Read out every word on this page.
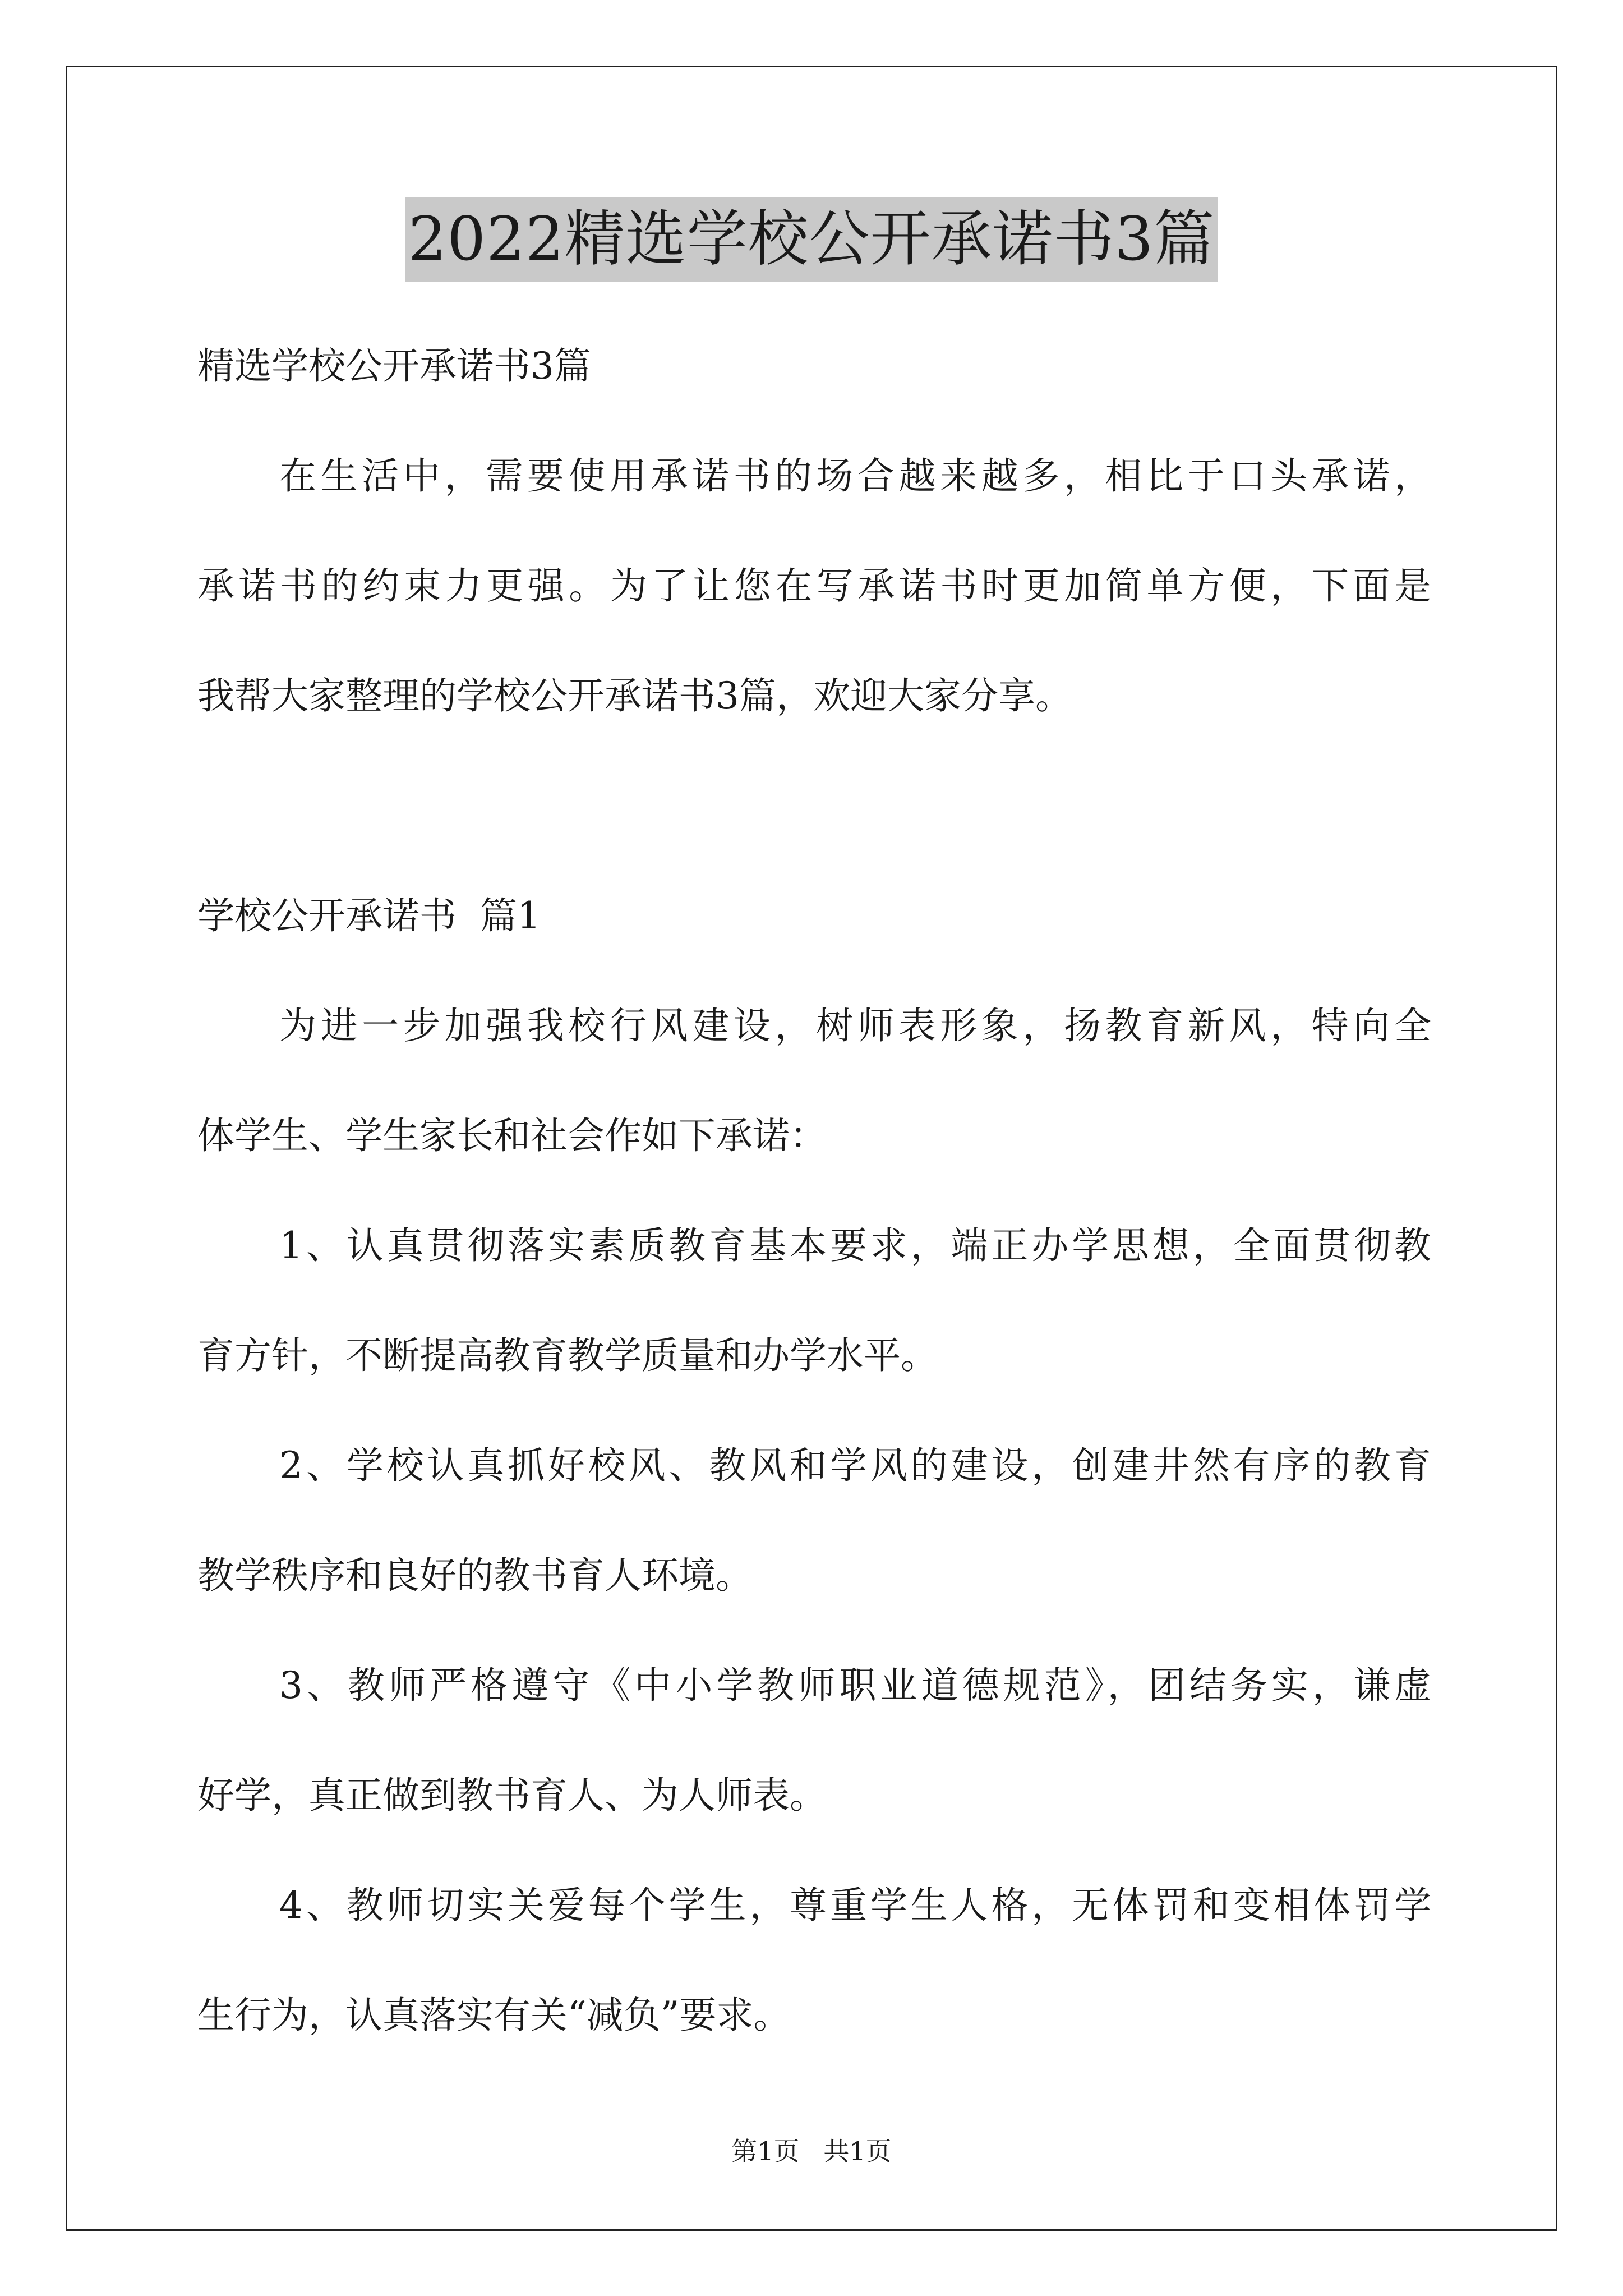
2022精选学校公开承诺书3篇
精选学校公开承诺书3篇
在生活中，需要使用承诺书的场合越来越多，相比于口头承诺，
承诺书的约束力更强。为了让您在写承诺书时更加简单方便，下面是
我帮大家整理的学校公开承诺书3篇，欢迎大家分享。
学校公开承诺书  篇1
为进一步加强我校行风建设，树师表形象，扬教育新风，特向全
体学生、学生家长和社会作如下承诺：
1、认真贯彻落实素质教育基本要求，端正办学思想，全面贯彻教
育方针，不断提高教育教学质量和办学水平。
2、学校认真抓好校风、教风和学风的建设，创建井然有序的教育
教学秩序和良好的教书育人环境。
3、教师严格遵守《中小学教师职业道德规范》，团结务实，谦虚
好学，真正做到教书育人、为人师表。
4、教师切实关爱每个学生，尊重学生人格，无体罚和变相体罚学
生行为，认真落实有关“减负”要求。
第1页 共1页
